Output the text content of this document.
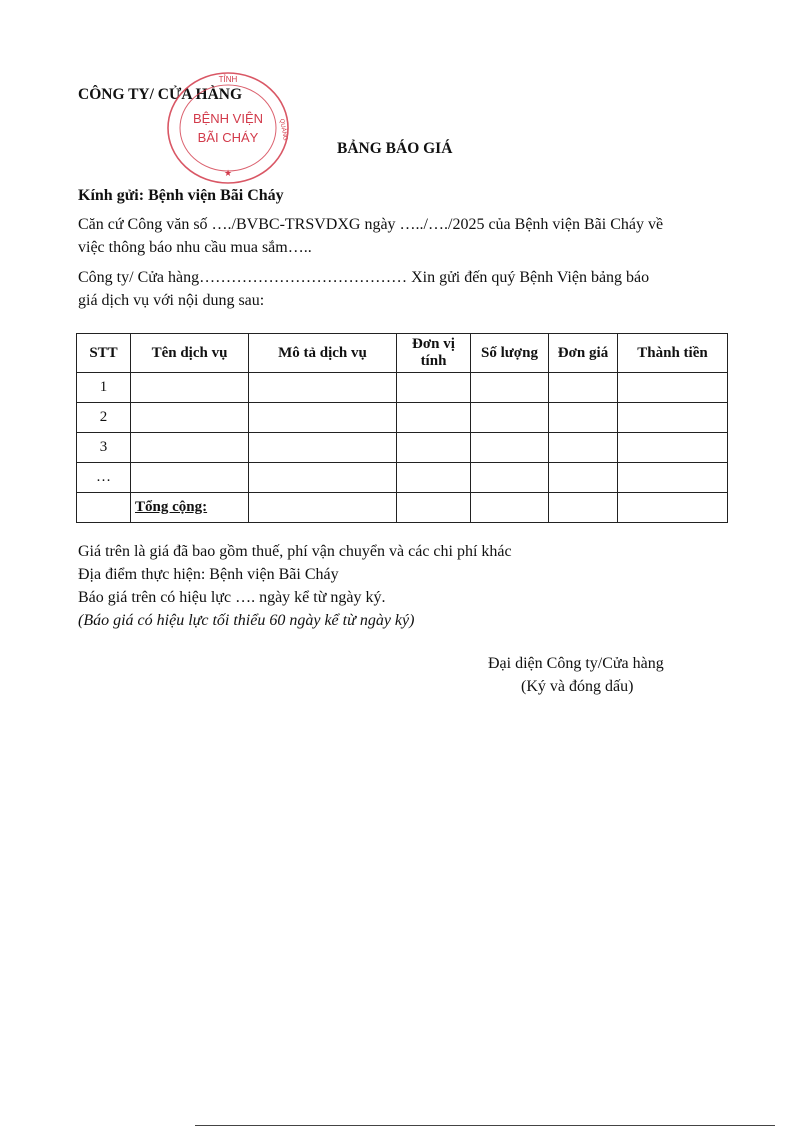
CÔNG TY/ CỬA HÀNG
BẢNG BÁO GIÁ
Kính gửi: Bệnh viện Bãi Cháy
Căn cứ Công văn số …./BVBC-TRSVDXG ngày …../…./2025 của Bệnh viện Bãi Cháy về
việc thông báo nhu cầu mua sắm…..
Công ty/ Cửa hàng………………………………… Xin gửi đến quý Bệnh Viện bảng báo
giá dịch vụ với nội dung sau:
STT	Tên dịch vụ	Mô tả dịch vụ	Đơn vị tính	Số lượng	Đơn giá	Thành tiền
1						
2						
3						
…						
	Tổng cộng:					
Giá trên là giá đã bao gồm thuế, phí vận chuyển và các chi phí khác
Địa điểm thực hiện: Bệnh viện Bãi Cháy
Báo giá trên có hiệu lực …. ngày kể từ ngày ký.
(Báo giá có hiệu lực tối thiểu 60 ngày kể từ ngày ký)
Đại diện Công ty/Cửa hàng
(Ký và đóng dấu)
TỈNH
BỆNH VIỆN
BÃI CHÁY	QUẢNG
★
